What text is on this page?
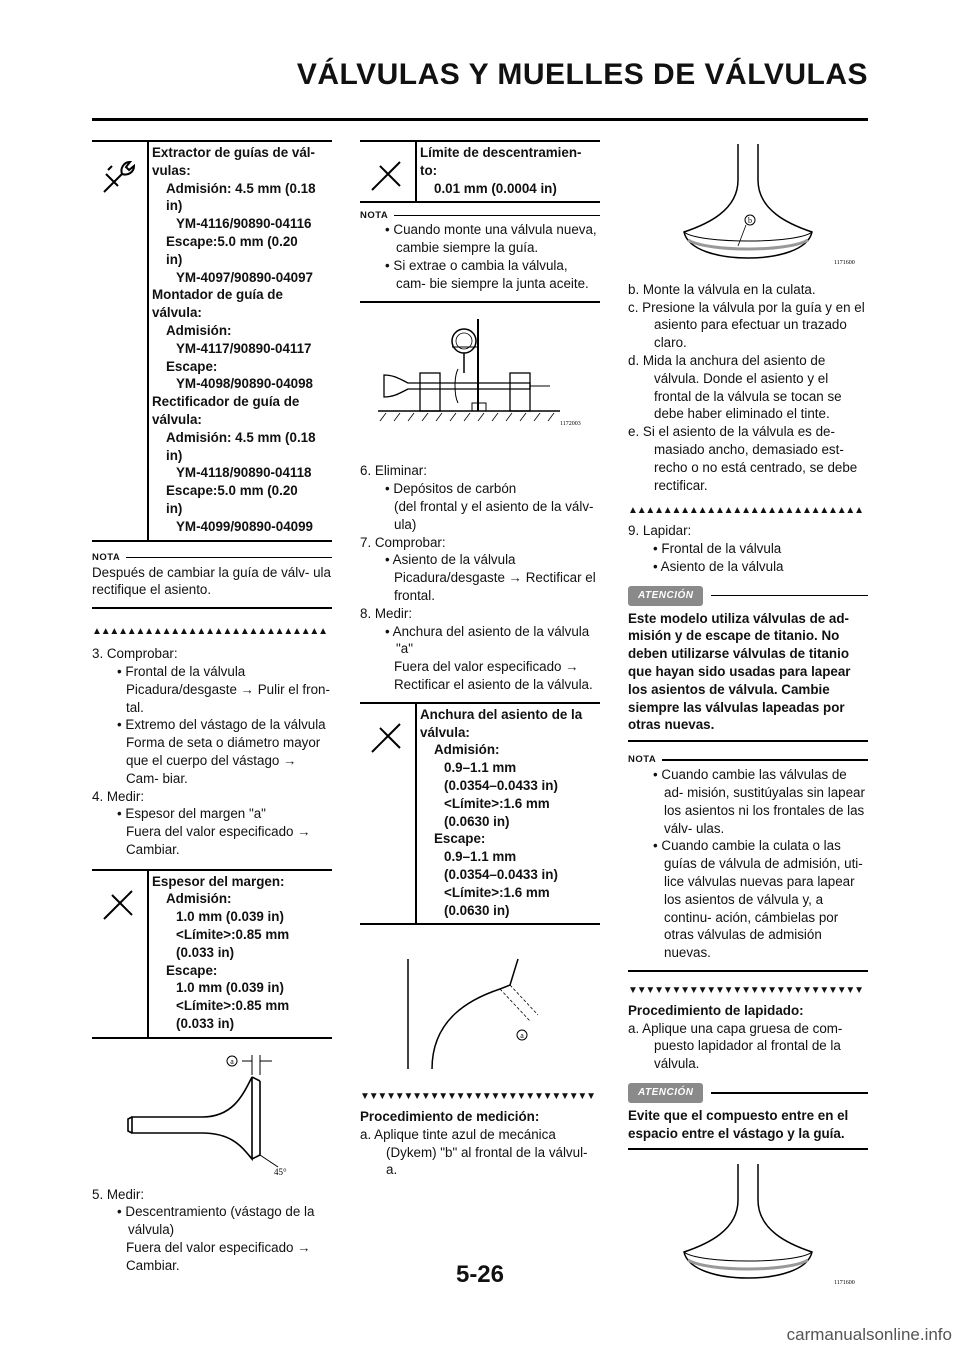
VÁLVULAS Y MUELLES DE VÁLVULAS
Extractor de guías de vál-
vulas:
Admisión: 4.5 mm (0.18
in)
YM-4116/90890-04116
Escape:5.0 mm (0.20
in)
YM-4097/90890-04097
Montador de guía de
válvula:
Admisión:
YM-4117/90890-04117
Escape:
YM-4098/90890-04098
Rectificador de guía de
válvula:
Admisión: 4.5 mm (0.18
in)
YM-4118/90890-04118
Escape:5.0 mm (0.20
in)
YM-4099/90890-04099
NOTA
Después de cambiar la guía de válv- ula rectifique el asiento.
▲▲▲▲▲▲▲▲▲▲▲▲▲▲▲▲▲▲▲▲▲▲▲▲▲▲▲
3. Comprobar:
• Frontal de la válvula
Picadura/desgaste → Pulir el fron- tal.
• Extremo del vástago de la válvula
Forma de seta o diámetro mayor que el cuerpo del vástago → Cam- biar.
4. Medir:
• Espesor del margen "a"
Fuera del valor especificado → Cambiar.
Espesor del margen:
Admisión:
1.0 mm (0.039 in)
<Límite>:0.85 mm
(0.033 in)
Escape:
1.0 mm (0.039 in)
<Límite>:0.85 mm
(0.033 in)
a
45°
5. Medir:
• Descentramiento (vástago de la válvula)
Fuera del valor especificado → Cambiar.
Límite de descentramien-
to:
0.01 mm (0.0004 in)
NOTA
• Cuando monte una válvula nueva, cambie siempre la guía.
• Si extrae o cambia la válvula, cam- bie siempre la junta aceite.
1172003
6. Eliminar:
• Depósitos de carbón
(del frontal y el asiento de la válv- ula)
7. Comprobar:
• Asiento de la válvula
Picadura/desgaste → Rectificar el frontal.
8. Medir:
• Anchura del asiento de la válvula "a"
Fuera del valor especificado → Rectificar el asiento de la válvula.
Anchura del asiento de la
válvula:
Admisión:
0.9–1.1 mm
(0.0354–0.0433 in)
<Límite>:1.6 mm
(0.0630 in)
Escape:
0.9–1.1 mm
(0.0354–0.0433 in)
<Límite>:1.6 mm
(0.0630 in)
a
▼▼▼▼▼▼▼▼▼▼▼▼▼▼▼▼▼▼▼▼▼▼▼▼▼▼▼
Procedimiento de medición:
a. Aplique tinte azul de mecánica (Dykem) "b" al frontal de la válvul- a.
b
1171600
b. Monte la válvula en la culata.
c. Presione la válvula por la guía y en el asiento para efectuar un trazado claro.
d. Mida la anchura del asiento de válvula. Donde el asiento y el frontal de la válvula se tocan se debe haber eliminado el tinte.
e. Si el asiento de la válvula es de- masiado ancho, demasiado est- recho o no está centrado, se debe rectificar.
▲▲▲▲▲▲▲▲▲▲▲▲▲▲▲▲▲▲▲▲▲▲▲▲▲▲▲
9. Lapidar:
• Frontal de la válvula
• Asiento de la válvula
ATENCIÓN
Este modelo utiliza válvulas de ad- misión y de escape de titanio. No deben utilizarse válvulas de titanio que hayan sido usadas para lapear los asientos de válvula. Cambie siempre las válvulas lapeadas por otras nuevas.
NOTA
• Cuando cambie las válvulas de ad- misión, sustitúyalas sin lapear los asientos ni los frontales de las válv- ulas.
• Cuando cambie la culata o las guías de válvula de admisión, uti- lice válvulas nuevas para lapear los asientos de válvula y, a continu- ación, cámbielas por otras válvulas de admisión nuevas.
▼▼▼▼▼▼▼▼▼▼▼▼▼▼▼▼▼▼▼▼▼▼▼▼▼▼▼
Procedimiento de lapidado:
a. Aplique una capa gruesa de com- puesto lapidador al frontal de la válvula.
ATENCIÓN
Evite que el compuesto entre en el espacio entre el vástago y la guía.
1171600
5-26
carmanualsonline.info
